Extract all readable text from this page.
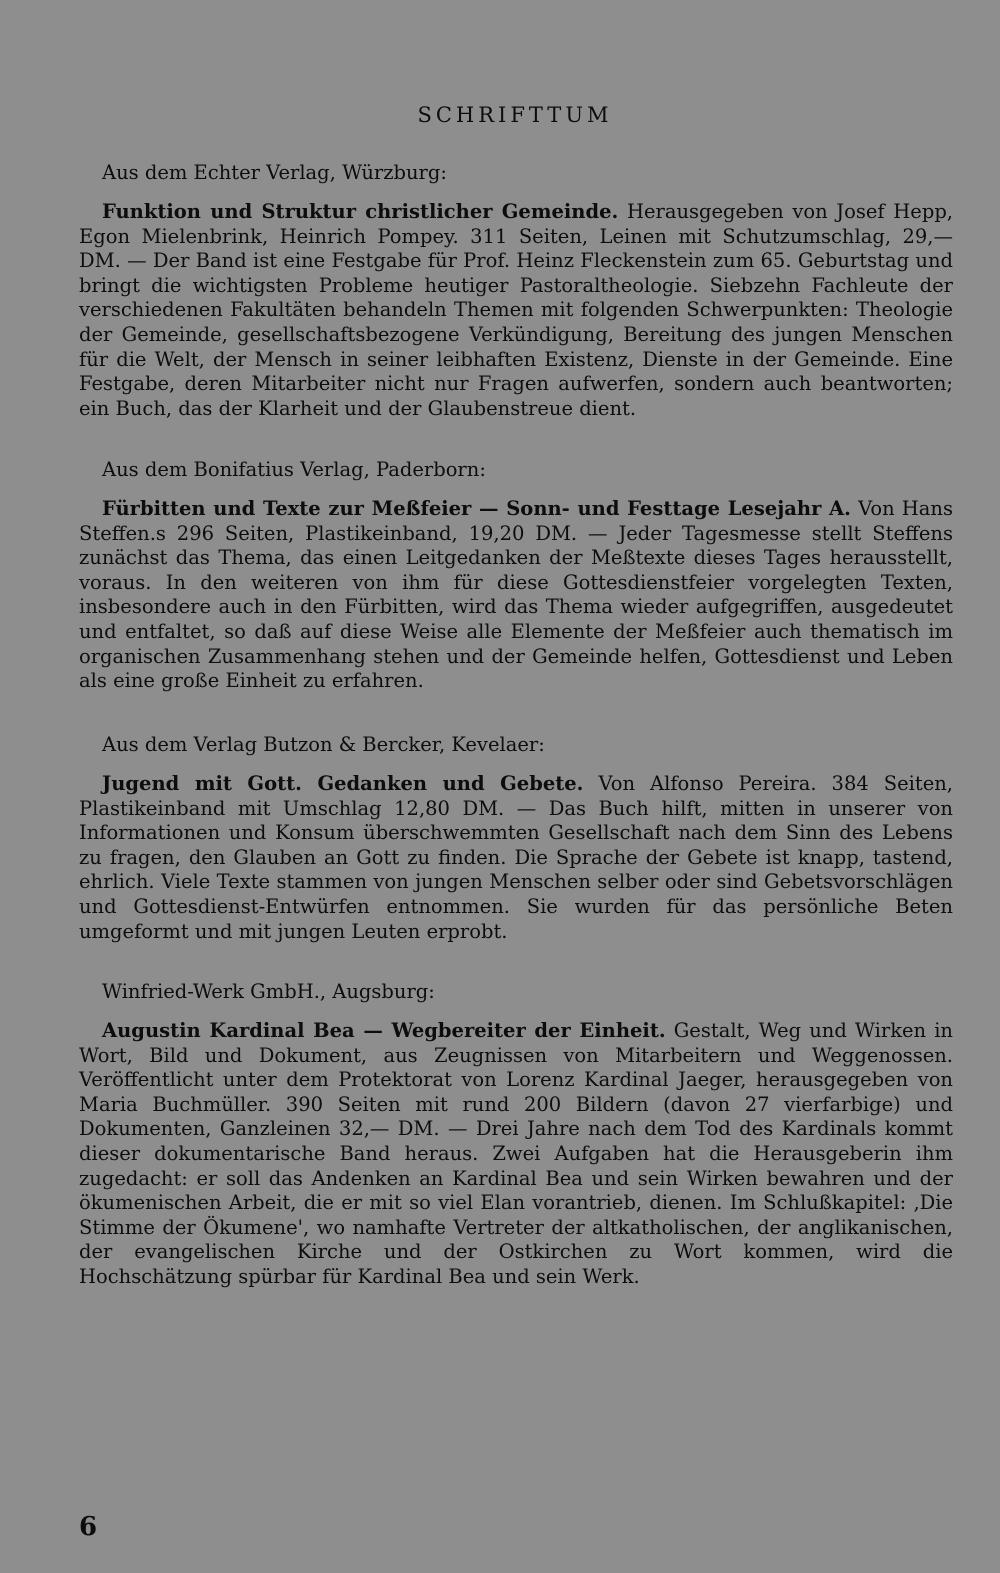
SCHRIFTTUM

Aus dem Echter Verlag, Würzburg:

Funktion und Struktur christlicher Gemeinde. Herausgegeben von Josef Hepp, Egon Mielenbrink, Heinrich Pompey. 311 Seiten, Leinen mit Schutzumschlag, 29,— DM. — Der Band ist eine Festgabe für Prof. Heinz Fleckenstein zum 65. Geburtstag und bringt die wichtigsten Probleme heutiger Pastoraltheologie. Siebzehn Fachleute der verschiedenen Fakultäten behandeln Themen mit folgenden Schwerpunkten: Theologie der Gemeinde, gesellschaftsbezogene Verkündigung, Bereitung des jungen Menschen für die Welt, der Mensch in seiner leibhaften Existenz, Dienste in der Gemeinde. Eine Festgabe, deren Mitarbeiter nicht nur Fragen aufwerfen, sondern auch beantworten; ein Buch, das der Klarheit und der Glaubenstreue dient.

Aus dem Bonifatius Verlag, Paderborn:

Fürbitten und Texte zur Meßfeier — Sonn- und Festtage Lesejahr A. Von Hans Steffen.s 296 Seiten, Plastikeinband, 19,20 DM. — Jeder Tagesmesse stellt Steffens zunächst das Thema, das einen Leitgedanken der Meßtexte dieses Tages herausstellt, voraus. In den weiteren von ihm für diese Gottesdienstfeier vorgelegten Texten, insbesondere auch in den Fürbitten, wird das Thema wieder aufgegriffen, ausgedeutet und entfaltet, so daß auf diese Weise alle Elemente der Meßfeier auch thematisch im organischen Zusammenhang stehen und der Gemeinde helfen, Gottesdienst und Leben als eine große Einheit zu erfahren.

Aus dem Verlag Butzon & Bercker, Kevelaer:

Jugend mit Gott. Gedanken und Gebete. Von Alfonso Pereira. 384 Seiten, Plastikeinband mit Umschlag 12,80 DM. — Das Buch hilft, mitten in unserer von Informationen und Konsum überschwemmten Gesellschaft nach dem Sinn des Lebens zu fragen, den Glauben an Gott zu finden. Die Sprache der Gebete ist knapp, tastend, ehrlich. Viele Texte stammen von jungen Menschen selber oder sind Gebetsvorschlägen und Gottesdienst-Entwürfen entnommen. Sie wurden für das persönliche Beten umgeformt und mit jungen Leuten erprobt.

Winfried-Werk GmbH., Augsburg:

Augustin Kardinal Bea — Wegbereiter der Einheit. Gestalt, Weg und Wirken in Wort, Bild und Dokument, aus Zeugnissen von Mitarbeitern und Weggenossen. Veröffentlicht unter dem Protektorat von Lorenz Kardinal Jaeger, herausgegeben von Maria Buchmüller. 390 Seiten mit rund 200 Bildern (davon 27 vierfarbige) und Dokumenten, Ganzleinen 32,— DM. — Drei Jahre nach dem Tod des Kardinals kommt dieser dokumentarische Band heraus. Zwei Aufgaben hat die Herausgeberin ihm zugedacht: er soll das Andenken an Kardinal Bea und sein Wirken bewahren und der ökumenischen Arbeit, die er mit so viel Elan vorantrieb, dienen. Im Schlußkapitel: ‚Die Stimme der Ökumene', wo namhafte Vertreter der altkatholischen, der anglikanischen, der evangelischen Kirche und der Ostkirchen zu Wort kommen, wird die Hochschätzung spürbar für Kardinal Bea und sein Werk.

6
